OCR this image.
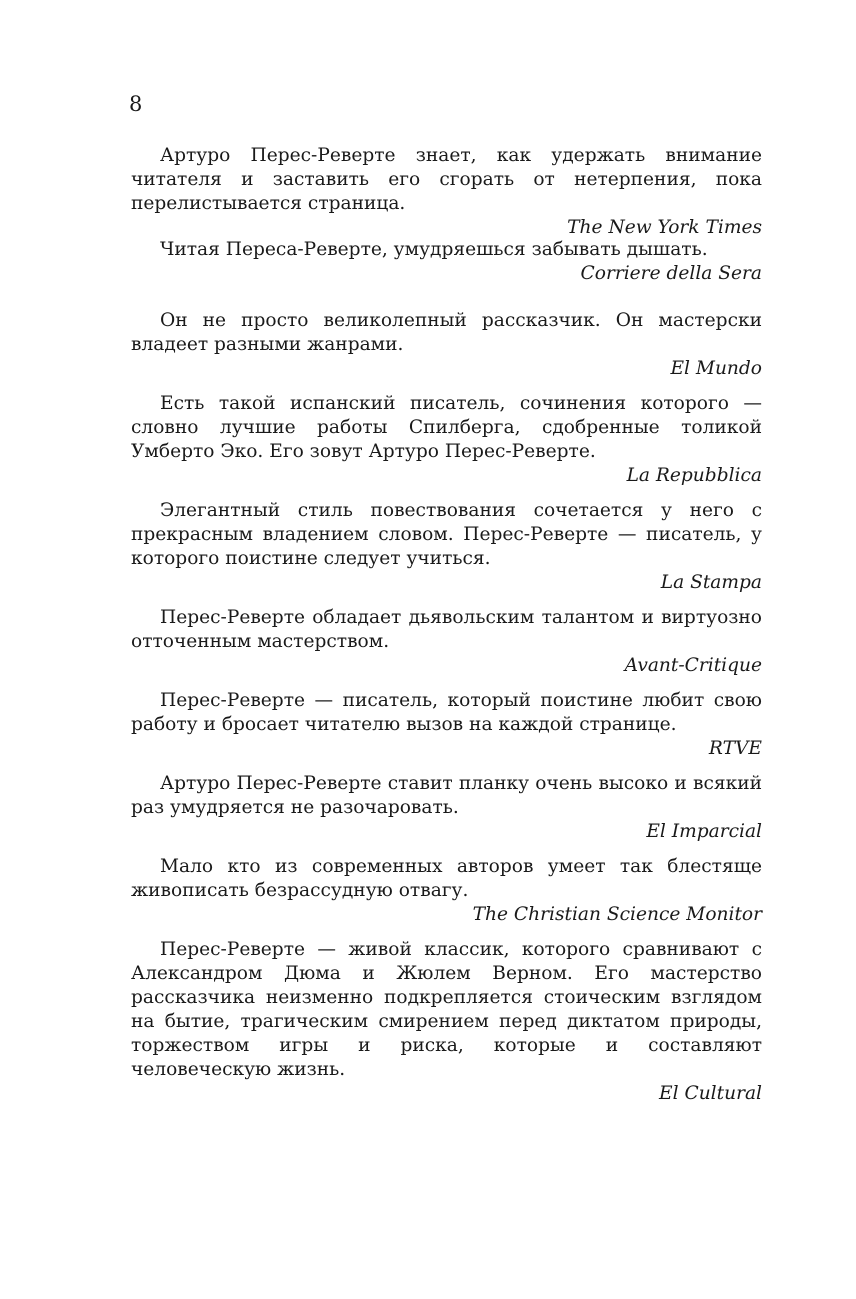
8

Артуро Перес-Реверте знает, как удержать внимание читателя и заставить его сгорать от нетерпения, пока перелистывается страница.

The New York Times

Читая Переса-Реверте, умудряешься забывать дышать.

Corriere della Sera

Он не просто великолепный рассказчик. Он мастерски владеет разными жанрами.

El Mundo

Есть такой испанский писатель, сочинения которого — словно лучшие работы Спилберга, сдобренные толикой Умберто Эко. Его зовут Артуро Перес-Реверте.

La Repubblica

Элегантный стиль повествования сочетается у него с прекрасным владением словом. Перес-Реверте — писатель, у которого поистине следует учиться.

La Stampa

Перес-Реверте обладает дьявольским талантом и виртуозно отточенным мастерством.

Avant-Critique

Перес-Реверте — писатель, который поистине любит свою работу и бросает читателю вызов на каждой странице.

RTVE

Артуро Перес-Реверте ставит планку очень высоко и всякий раз умудряется не разочаровать.

El Imparcial

Мало кто из современных авторов умеет так блестяще живописать безрассудную отвагу.

The Christian Science Monitor

Перес-Реверте — живой классик, которого сравнивают с Александром Дюма и Жюлем Верном. Его мастерство рассказчика неизменно подкрепляется стоическим взглядом на бытие, трагическим смирением перед диктатом природы, торжеством игры и риска, которые и составляют человеческую жизнь.

El Cultural
